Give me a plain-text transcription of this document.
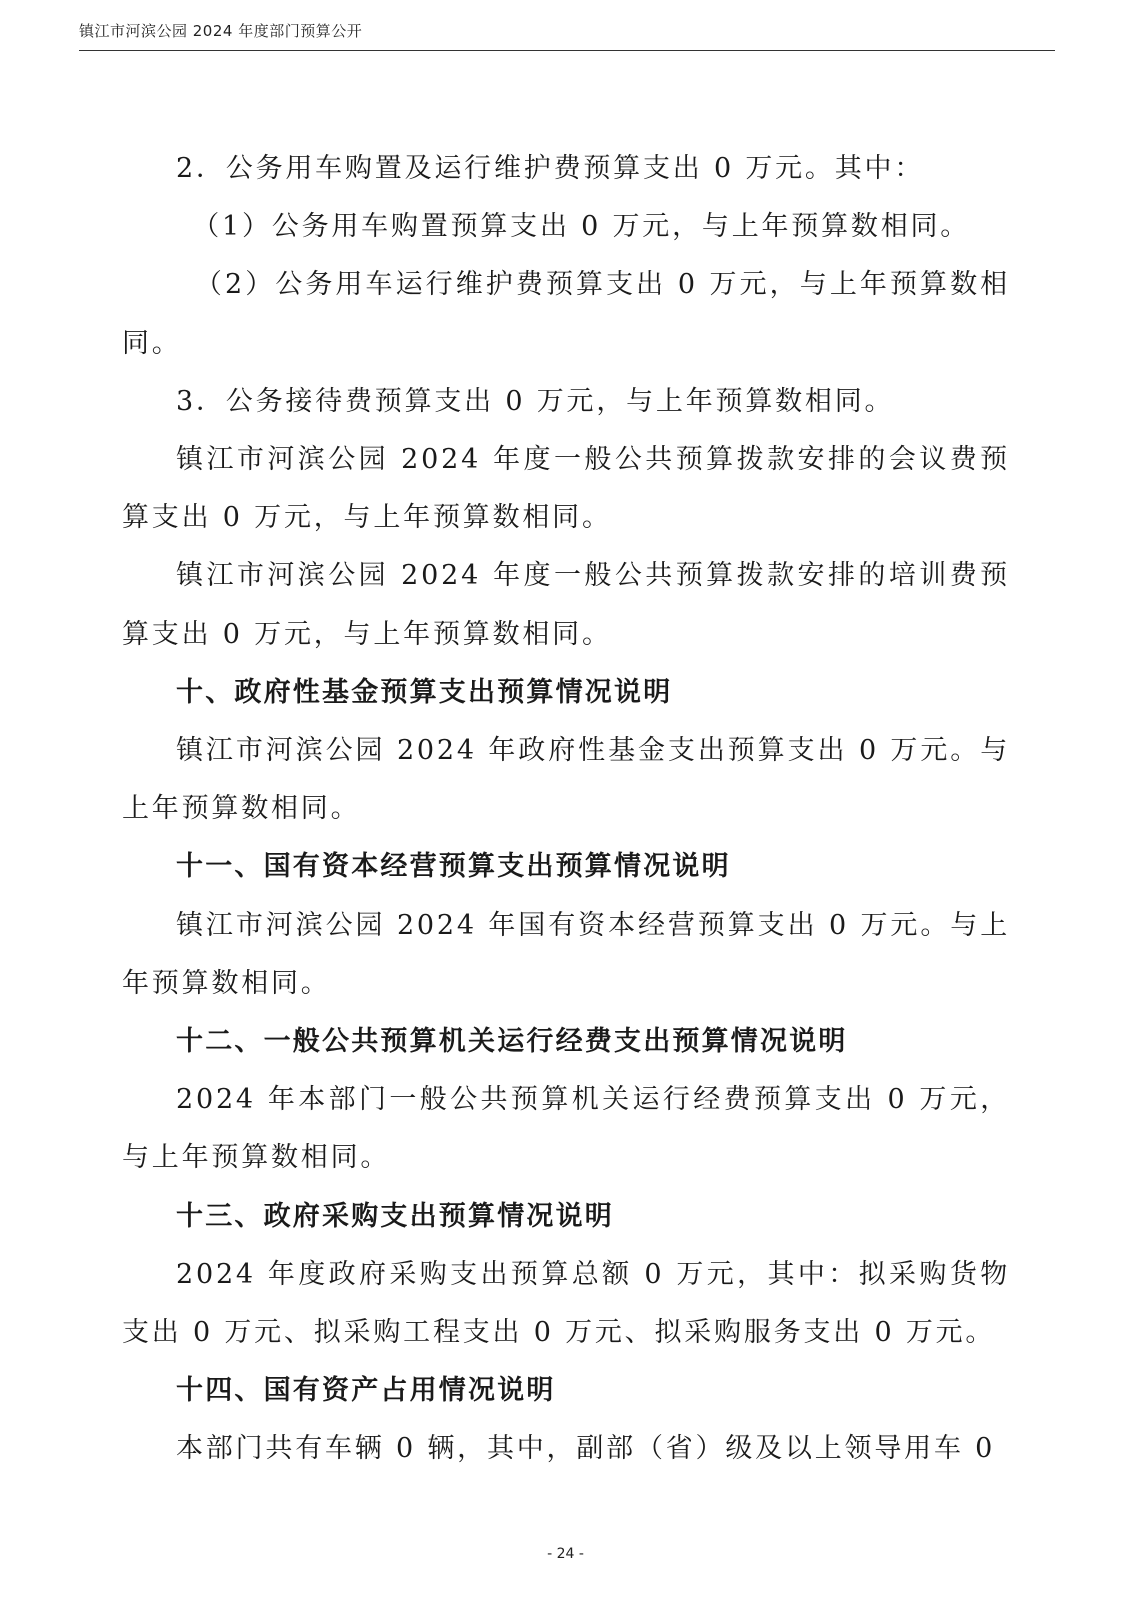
镇江市河滨公园 2024 年度部门预算公开

2．公务用车购置及运行维护费预算支出 0 万元。其中：

（1）公务用车购置预算支出 0 万元，与上年预算数相同。

（2）公务用车运行维护费预算支出 0 万元，与上年预算数相同。

3．公务接待费预算支出 0 万元，与上年预算数相同。

镇江市河滨公园 2024 年度一般公共预算拨款安排的会议费预算支出 0 万元，与上年预算数相同。

镇江市河滨公园 2024 年度一般公共预算拨款安排的培训费预算支出 0 万元，与上年预算数相同。

十、政府性基金预算支出预算情况说明

镇江市河滨公园 2024 年政府性基金支出预算支出 0 万元。与上年预算数相同。

十一、国有资本经营预算支出预算情况说明

镇江市河滨公园 2024 年国有资本经营预算支出 0 万元。与上年预算数相同。

十二、一般公共预算机关运行经费支出预算情况说明

2024 年本部门一般公共预算机关运行经费预算支出 0 万元，与上年预算数相同。

十三、政府采购支出预算情况说明

2024 年度政府采购支出预算总额 0 万元，其中：拟采购货物支出 0 万元、拟采购工程支出 0 万元、拟采购服务支出 0 万元。

十四、国有资产占用情况说明

本部门共有车辆 0 辆，其中，副部（省）级及以上领导用车 0

- 24 -
